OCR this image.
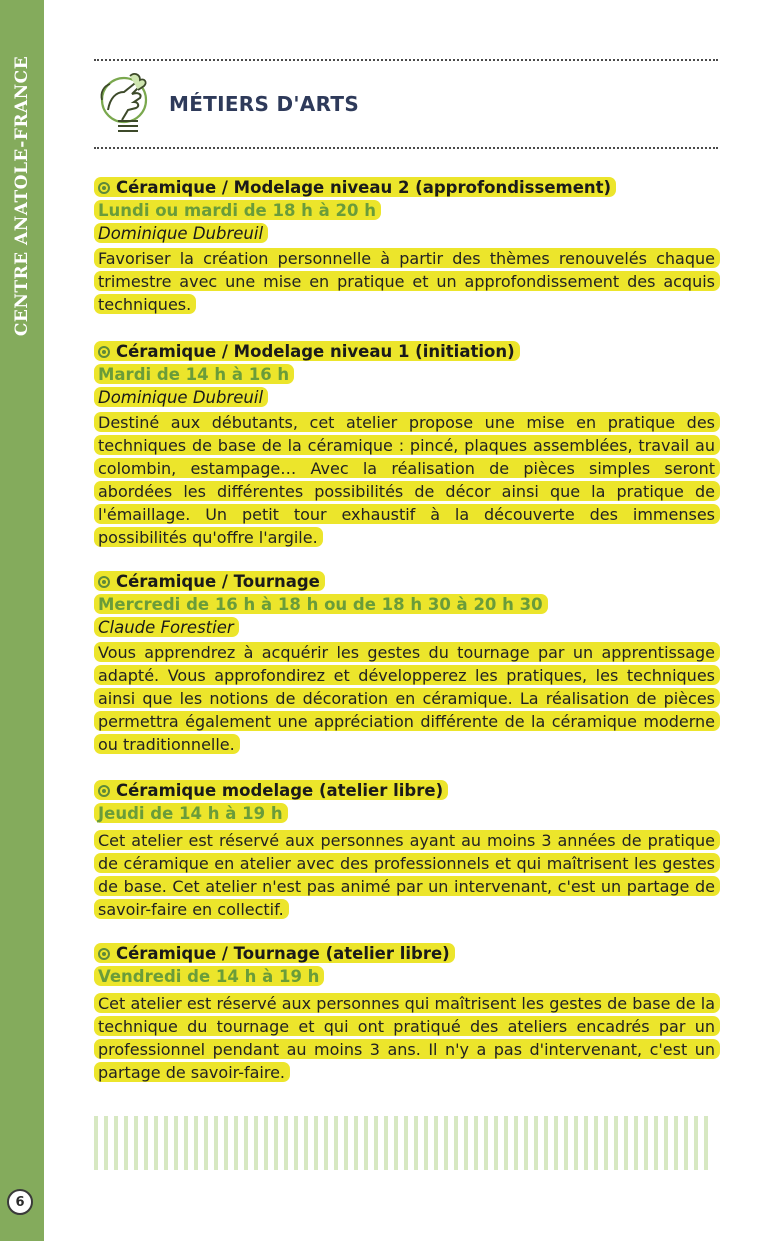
CENTRE ANATOLE-FRANCE
6
MÉTIERS D'ARTS
Céramique / Modelage niveau 2 (approfondissement)
Lundi ou mardi de 18 h à 20 h
Dominique Dubreuil
Favoriser la création personnelle à partir des thèmes renouvelés chaque trimestre avec une mise en pratique et un approfondissement des acquis techniques.
Céramique / Modelage niveau 1 (initiation)
Mardi de 14 h à 16 h
Dominique Dubreuil
Destiné aux débutants, cet atelier propose une mise en pratique des techniques de base de la céramique : pincé, plaques assemblées, travail au colombin, estampage… Avec la réalisation de pièces simples seront abordées les différentes possibilités de décor ainsi que la pratique de l'émaillage. Un petit tour exhaustif à la découverte des immenses possibilités qu'offre l'argile.
Céramique / Tournage
Mercredi de 16 h à 18 h ou de 18 h 30 à 20 h 30
Claude Forestier
Vous apprendrez à acquérir les gestes du tournage par un apprentissage adapté. Vous approfondirez et développerez les pratiques, les techniques ainsi que les notions de décoration en céramique. La réalisation de pièces permettra également une appréciation différente de la céramique moderne ou traditionnelle.
Céramique modelage (atelier libre)
Jeudi de 14 h à 19 h
Cet atelier est réservé aux personnes ayant au moins 3 années de pratique de céramique en atelier avec des professionnels et qui maîtrisent les gestes de base. Cet atelier n'est pas animé par un intervenant, c'est un partage de savoir-faire en collectif.
Céramique / Tournage (atelier libre)
Vendredi de 14 h à 19 h
Cet atelier est réservé aux personnes qui maîtrisent les gestes de base de la technique du tournage et qui ont pratiqué des ateliers encadrés par un professionnel pendant au moins 3 ans. Il n'y a pas d'intervenant, c'est un partage de savoir-faire.
